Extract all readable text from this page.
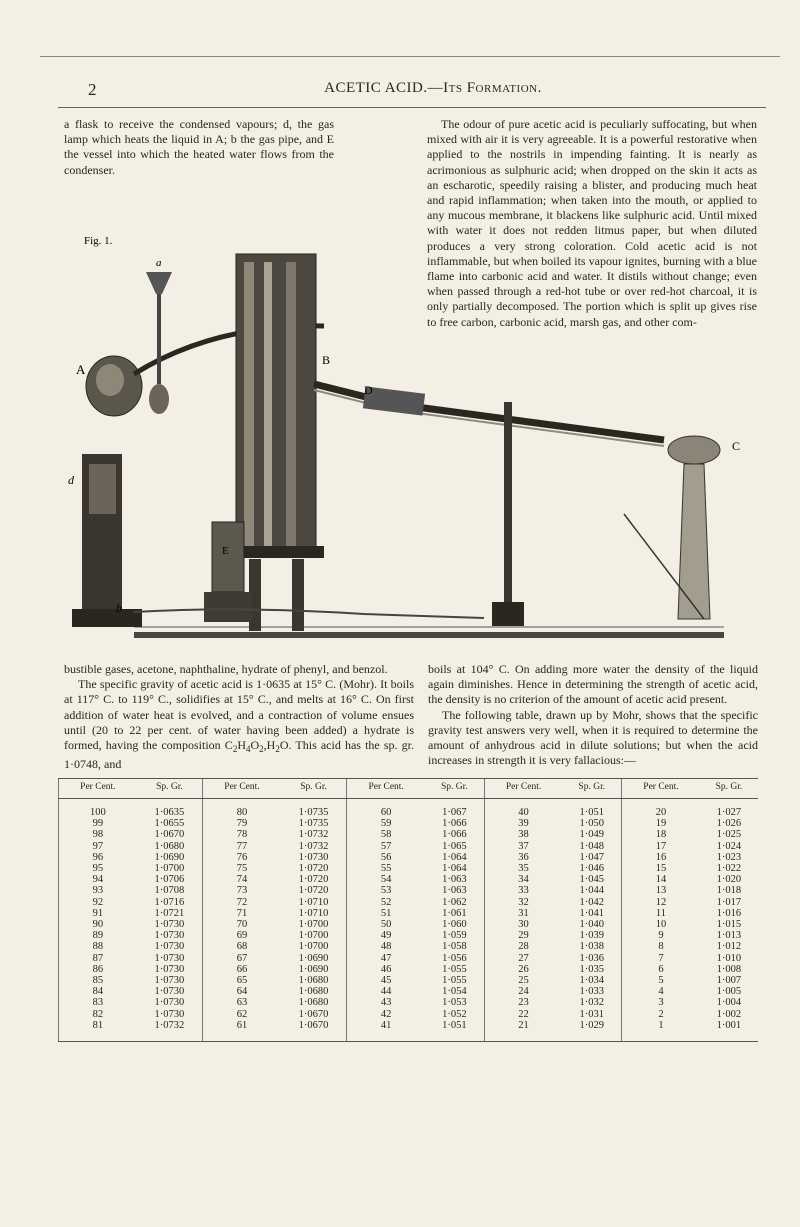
2	ACETIC ACID.—Its Formation.

a flask to receive the condensed vapours; d, the gas lamp which heats the liquid in A; b the gas pipe, and E the vessel into which the heated water flows from the condenser.

The odour of pure acetic acid is peculiarly suffocating, but when mixed with air it is very agreeable. It is a powerful restorative when applied to the nostrils in impending fainting. It is nearly as acrimonious as sulphuric acid; when dropped on the skin it acts as an escharotic, speedily raising a blister, and producing much heat and rapid inflammation; when taken into the mouth, or applied to any mucous membrane, it blackens like sulphuric acid. Until mixed with water it does not redden litmus paper, but when diluted produces a very strong coloration. Cold acetic acid is not inflammable, but when boiled its vapour ignites, burning with a blue flame into carbonic acid and water. It distils without change; even when passed through a red-hot tube or over red-hot charcoal, it is only partially decomposed. The portion which is split up gives rise to free carbon, carbonic acid, marsh gas, and other com-

Fig. 1.
a
A
B
C
D
E
d
b

bustible gases, acetone, naphthaline, hydrate of phenyl, and benzol.

The specific gravity of acetic acid is 1·0635 at 15° C. (Mohr). It boils at 117° C. to 119° C., solidifies at 15° C., and melts at 16° C. On first addition of water heat is evolved, and a contraction of volume ensues until (20 to 22 per cent. of water having been added) a hydrate is formed, having the composition $C_2H_4O_2,H_2O$. This acid has the sp. gr. 1·0748, and

boils at 104° C. On adding more water the density of the liquid again diminishes. Hence in determining the strength of acetic acid, the density is no criterion of the amount of acetic acid present.

The following table, drawn up by Mohr, shows that the specific gravity test answers very well, when it is required to determine the amount of anhydrous acid in dilute solutions; but when the acid increases in strength it is very fallacious:—

Per Cent.	Sp. Gr.	Per Cent.	Sp. Gr.	Per Cent.	Sp. Gr.	Per Cent.	Sp. Gr.	Per Cent.	Sp. Gr.
100	1·0635	80	1·0735	60	1·067	40	1·051	20	1·027
99	1·0655	79	1·0735	59	1·066	39	1·050	19	1·026
98	1·0670	78	1·0732	58	1·066	38	1·049	18	1·025
97	1·0680	77	1·0732	57	1·065	37	1·048	17	1·024
96	1·0690	76	1·0730	56	1·064	36	1·047	16	1·023
95	1·0700	75	1·0720	55	1·064	35	1·046	15	1·022
94	1·0706	74	1·0720	54	1·063	34	1·045	14	1·020
93	1·0708	73	1·0720	53	1·063	33	1·044	13	1·018
92	1·0716	72	1·0710	52	1·062	32	1·042	12	1·017
91	1·0721	71	1·0710	51	1·061	31	1·041	11	1·016
90	1·0730	70	1·0700	50	1·060	30	1·040	10	1·015
89	1·0730	69	1·0700	49	1·059	29	1·039	9	1·013
88	1·0730	68	1·0700	48	1·058	28	1·038	8	1·012
87	1·0730	67	1·0690	47	1·056	27	1·036	7	1·010
86	1·0730	66	1·0690	46	1·055	26	1·035	6	1·008
85	1·0730	65	1·0680	45	1·055	25	1·034	5	1·007
84	1·0730	64	1·0680	44	1·054	24	1·033	4	1·005
83	1·0730	63	1·0680	43	1·053	23	1·032	3	1·004
82	1·0730	62	1·0670	42	1·052	22	1·031	2	1·002
81	1·0732	61	1·0670	41	1·051	21	1·029	1	1·001
